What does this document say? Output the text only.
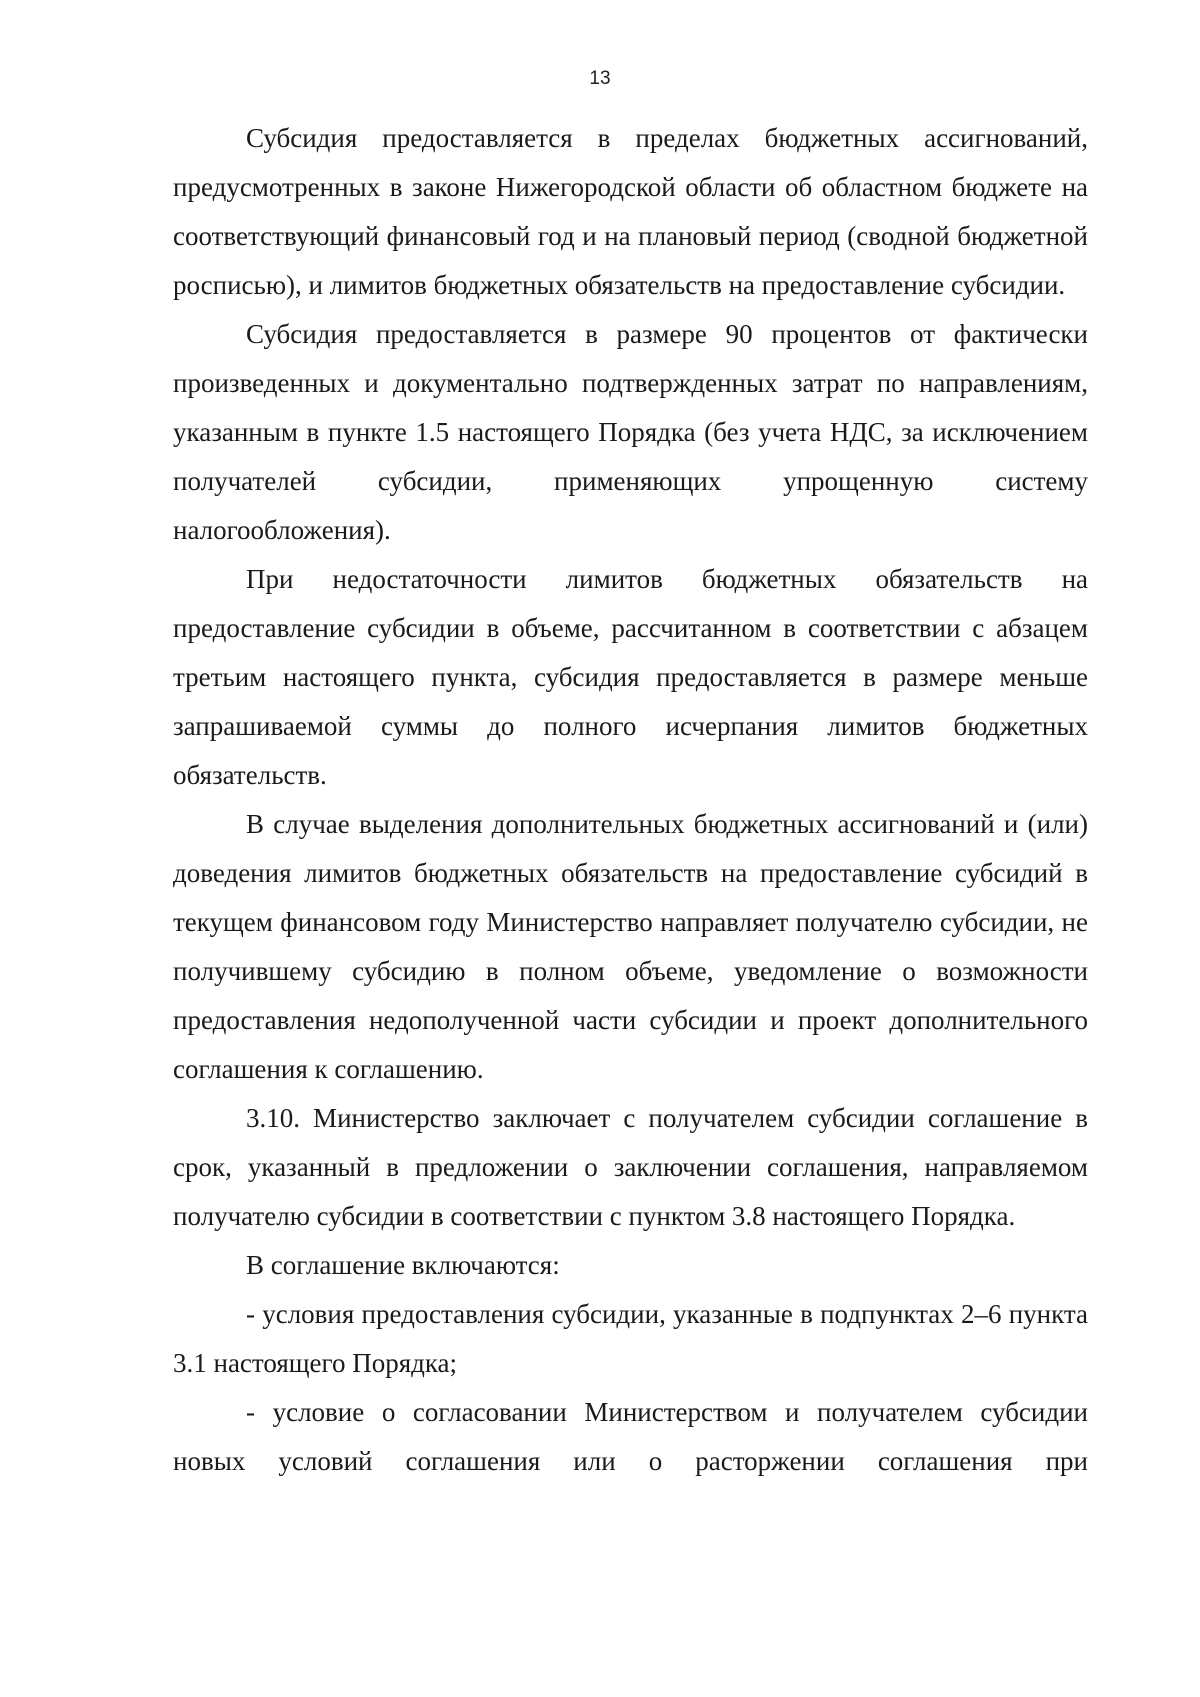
13

Субсидия предоставляется в пределах бюджетных ассигнований, предусмотренных в законе Нижегородской области об областном бюджете на соответствующий финансовый год и на плановый период (сводной бюджетной росписью), и лимитов бюджетных обязательств на предоставление субсидии.

Субсидия предоставляется в размере 90 процентов от фактически произведенных и документально подтвержденных затрат по направлениям, указанным в пункте 1.5 настоящего Порядка (без учета НДС, за исключением получателей субсидии, применяющих упрощенную систему налогообложения).

При недостаточности лимитов бюджетных обязательств на предоставление субсидии в объеме, рассчитанном в соответствии с абзацем третьим настоящего пункта, субсидия предоставляется в размере меньше запрашиваемой суммы до полного исчерпания лимитов бюджетных обязательств.

В случае выделения дополнительных бюджетных ассигнований и (или) доведения лимитов бюджетных обязательств на предоставление субсидий в текущем финансовом году Министерство направляет получателю субсидии, не получившему субсидию в полном объеме, уведомление о возможности предоставления недополученной части субсидии и проект дополнительного соглашения к соглашению.

3.10. Министерство заключает с получателем субсидии соглашение в срок, указанный в предложении о заключении соглашения, направляемом получателю субсидии в соответствии с пунктом 3.8 настоящего Порядка.

В соглашение включаются:

- условия предоставления субсидии, указанные в подпунктах 2–6 пункта 3.1 настоящего Порядка;

- условие о согласовании Министерством и получателем субсидии новых условий соглашения или о расторжении соглашения при
